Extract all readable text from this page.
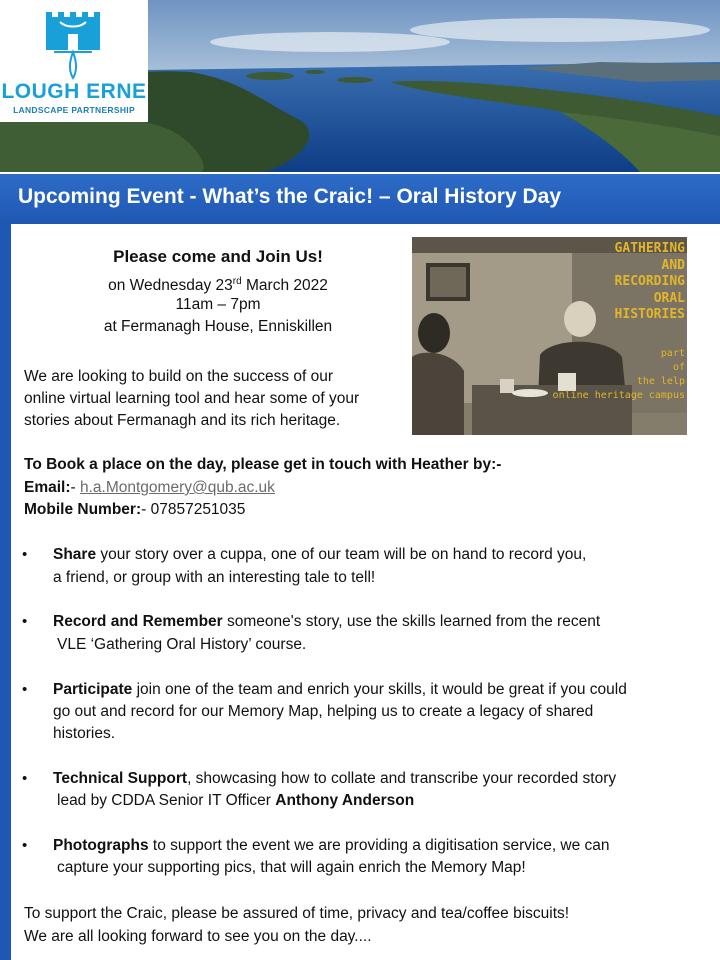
LOUGH ERNE
LANDSCAPE PARTNERSHIP
Upcoming Event - What’s the Craic! – Oral History Day
Please come and Join Us!
on Wednesday 23rd March 2022
11am – 7pm
at Fermanagh House, Enniskillen
GATHERING
AND
RECORDING
ORAL
HISTORIES
part
of
the lelp
online heritage campus
We are looking to build on the success of our
online virtual learning tool and hear some of your
stories about Fermanagh and its rich heritage.
To Book a place on the day, please get in touch with Heather by:-
Email:- h.a.Montgomery@qub.ac.uk
Mobile Number:- 07857251035
• Share your story over a cuppa, one of our team will be on hand to record you,
a friend, or group with an interesting tale to tell!
• Record and Remember someone's story, use the skills learned from the recent
VLE ‘Gathering Oral History’ course.
• Participate join one of the team and enrich your skills, it would be great if you could
go out and record for our Memory Map, helping us to create a legacy of shared
histories.
• Technical Support, showcasing how to collate and transcribe your recorded story
lead by CDDA Senior IT Officer Anthony Anderson
• Photographs to support the event we are providing a digitisation service, we can
capture your supporting pics, that will again enrich the Memory Map!
To support the Craic, please be assured of time, privacy and tea/coffee biscuits!
We are all looking forward to see you on the day....
